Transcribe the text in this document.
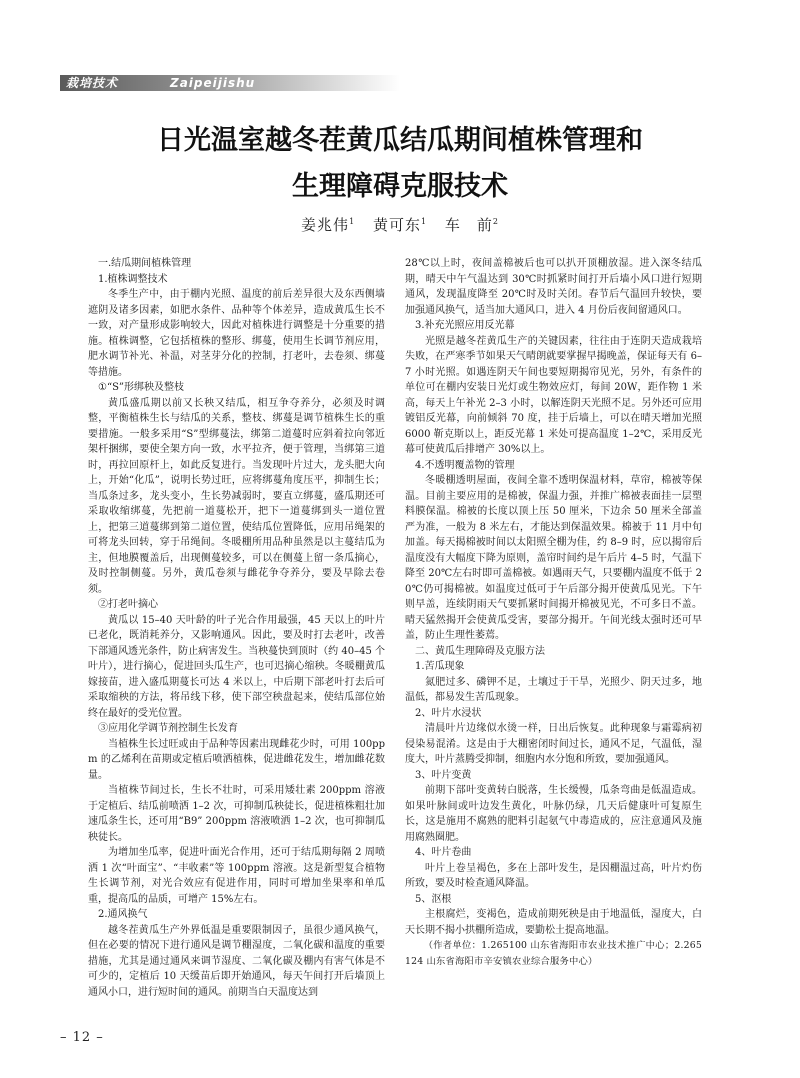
栽培技术	Zaipeijishu
日光温室越冬茬黄瓜结瓜期间植株管理和
生理障碍克服技术
姜兆伟$^1$ 黄可东$^1$ 车　前$^2$

一.结瓜期间植株管理

1.植株调整技术

冬季生产中，由于棚内光照、温度的前后差异很大及东西侧墙遮阴及诸多因素，如肥水条件、品种等个体差异，造成黄瓜生长不一致，对产量形成影响较大，因此对植株进行调整是十分重要的措施。植株调整，它包括植株的整形、绑蔓，使用生长调节剂应用，肥水调节补光、补温，对茎芽分化的控制，打老叶，去卷须、绑蔓等措施。

①“S”形绑秧及整枝

黄瓜盛瓜期以前又长秧又结瓜，相互争夺养分，必须及时调整，平衡植株生长与结瓜的关系，整枝、绑蔓是调节植株生长的重要措施。一般多采用“S”型绑蔓法，绑第二道蔓时应斜着拉向邻近架杆捆绑，要使全架方向一致，水平拉齐，便于管理，当绑第三道时，再拉回原杆上，如此反复进行。当发现叶片过大，龙头肥大向上，开始“化瓜”，说明长势过旺，应将绑蔓角度压平，抑制生长；当瓜条过多，龙头变小，生长势减弱时，要直立绑蔓，盛瓜期还可采取收缩绑蔓，先把前一道蔓松开，把下一道蔓绑到头一道位置上，把第三道蔓绑到第二道位置，使结瓜位置降低，应用吊绳架的可将龙头回转，穿于吊绳间。冬暖棚所用品种虽然是以主蔓结瓜为主，但地膜覆盖后，出现侧蔓较多，可以在侧蔓上留一条瓜摘心，及时控制侧蔓。另外，黄瓜卷须与雌花争夺养分，要及早除去卷须。

②打老叶摘心

黄瓜以 15–40 天叶龄的叶子光合作用最强，45 天以上的叶片已老化，既消耗养分，又影响通风。因此，要及时打去老叶，改善下部通风透光条件，防止病害发生。当秧蔓快到顶时（约 40–45 个叶片），进行摘心，促进回头瓜生产，也可迟摘心缩秧。冬暖棚黄瓜嫁接苗，进入盛瓜期蔓长可达 4 米以上，中后期下部老叶打去后可采取缩秧的方法，将吊线下移，使下部空秧盘起来，使结瓜部位始终在最好的受光位置。

③应用化学调节剂控制生长发育

当植株生长过旺或由于品种等因素出现雌花少时，可用 100ppm 的乙烯利在苗期或定植后喷洒植株，促进雌花发生，增加雌花数量。

当植株节间过长，生长不壮时，可采用矮壮素 200ppm 溶液于定植后、结瓜前喷洒 1–2 次，可抑制瓜秧徒长，促进植株粗壮加速瓜条生长，还可用“B9” 200ppm 溶液喷洒 1–2 次，也可抑制瓜秧徒长。

为增加坐瓜率，促进叶面光合作用，还可于结瓜期每隔 2 周喷洒 1 次“叶面宝”、“丰收素”等 100ppm 溶液。这是新型复合植物生长调节剂，对光合效应有促进作用，同时可增加坐果率和单瓜重，提高瓜的品质，可增产 15%左右。

2.通风换气

越冬茬黄瓜生产外界低温是重要限制因子，虽很少通风换气，但在必要的情况下进行通风是调节棚湿度，二氧化碳和温度的重要措施，尤其是通过通风来调节湿度、二氧化碳及棚内有害气体是不可少的，定植后 10 天缓苗后即开始通风，每天午间打开后墙顶上通风小口，进行短时间的通风。前期当白天温度达到

28℃以上时，夜间盖棉被后也可以扒开顶棚放湿。进入深冬结瓜期，晴天中午气温达到 30℃时抓紧时间打开后墙小风口进行短期通风，发现温度降至 20℃时及时关闭。春节后气温回升较快，要加强通风换气，适当加大通风口，进入 4 月份后夜间留通风口。

3.补充光照应用反光幕

光照是越冬茬黄瓜生产的关键因素，往往由于连阴天造成栽培失败，在严寒季节如果天气晴朗就要掌握早揭晚盖，保证每天有 6–7 小时光照。如遇连阴天午间也要短期揭帘见光，另外，有条件的单位可在棚内安装日光灯或生物效应灯，每间 20W，距作物 1 米高，每天上午补光 2–3 小时，以解连阴天光照不足。另外还可应用镀铝反光幕，向前倾斜 70 度，挂于后墙上，可以在晴天增加光照 6000 靳克斯以上，距反光幕 1 米处可提高温度 1–2℃，采用反光幕可使黄瓜后排增产 30%以上。

4.不透明覆盖物的管理

冬暖棚透明屋面，夜间全靠不透明保温材料，草帘，棉被等保温。目前主要应用的是棉被，保温力强，并推广棉被表面挂一层塑料膜保温。棉被的长度以顶上压 50 厘米，下边余 50 厘米全部盖严为准，一般为 8 米左右，才能达到保温效果。棉被于 11 月中旬加盖。每天揭棉被时间以太阳照全棚为佳，约 8–9 时，应以揭帘后温度没有大幅度下降为原则，盖帘时间约是午后片 4–5 时，气温下降至 20℃左右时即可盖棉被。如遇雨天气，只要棚内温度不低于 20℃仍可揭棉被。如温度过低可于午后部分揭开使黄瓜见光。下午则早盖，连续阴雨天气要抓紧时间揭开棉被见光，不可多日不盖。晴天猛然揭开会使黄瓜受害，要部分揭开。午间光线太强时还可早盖，防止生理性萎蔫。

二、黄瓜生理障碍及克服方法

1.苦瓜现象

氮肥过多、磷钾不足，土壤过于干旱，光照少、阴天过多，地温低，都易发生苦瓜现象。

2、叶片水浸状

清晨叶片边缘似水烫一样，日出后恢复。此种现象与霜霉病初侵染易混淆。这是由于大棚密闭时间过长，通风不足，气温低，湿度大，叶片蒸腾受抑制，细胞内水分饱和所致，要加强通风。

3、叶片变黄

前期下部叶变黄转白脱落，生长缓慢，瓜条弯曲是低温造成。如果叶脉间或叶边发生黄化，叶脉仍绿，几天后健康叶可复原生长，这是施用不腐熟的肥料引起氨气中毒造成的，应注意通风及施用腐熟圈肥。

4、叶片卷曲

叶片上卷呈褐色，多在上部叶发生，是因棚温过高，叶片灼伤所致，要及时检查通风降温。

5、沤根

主根腐烂，变褐色，造成前期死秧是由于地温低，湿度大，白天长期不揭小拱棚所造成，要勤松土提高地温。

（作者单位：1.265100 山东省海阳市农业技术推广中心；2.265124 山东省海阳市辛安镇农业综合服务中心）

– 12 –
